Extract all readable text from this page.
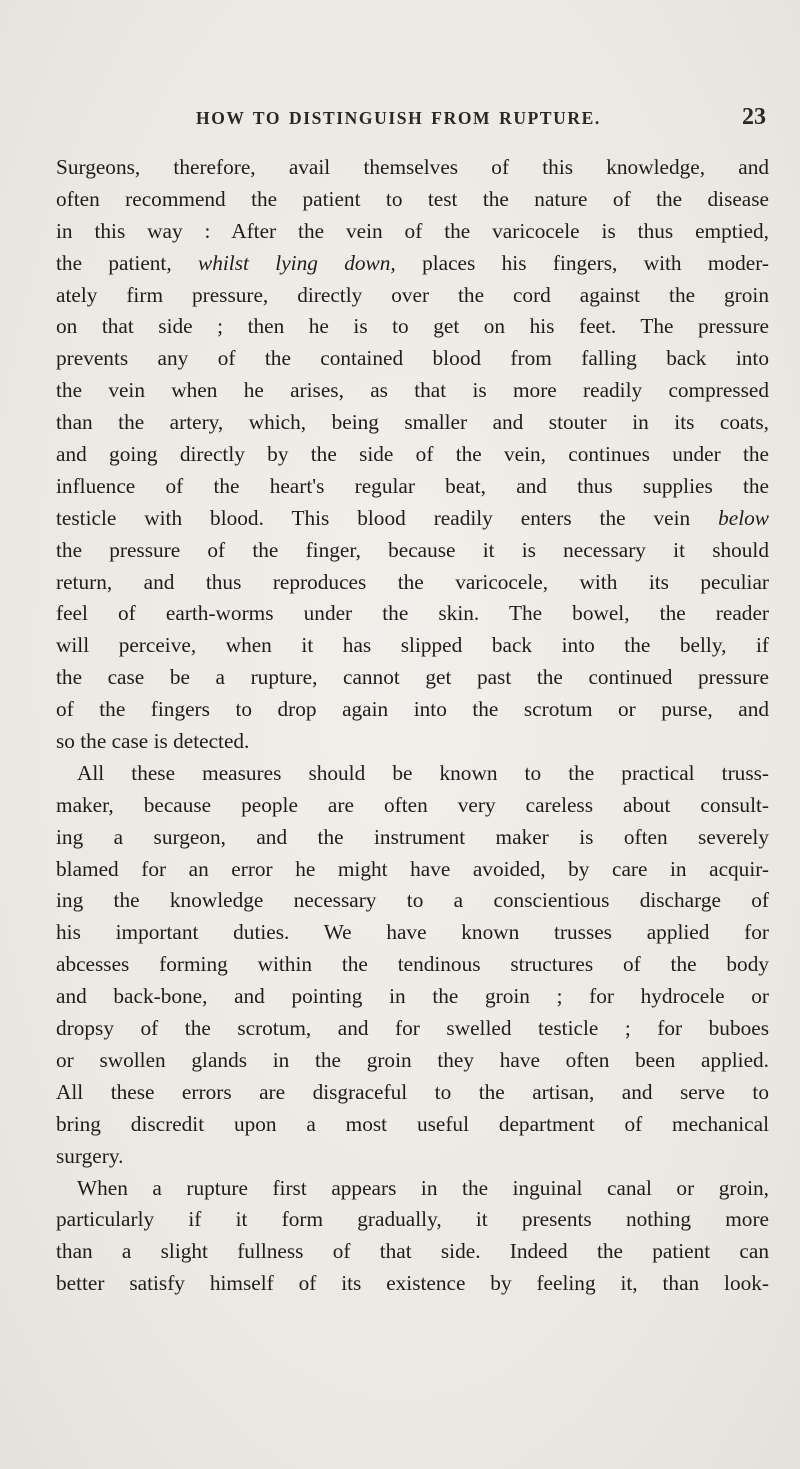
HOW TO DISTINGUISH FROM RUPTURE.	23
Surgeons, therefore, avail themselves of this knowledge, and
often recommend the patient to test the nature of the disease
in this way : After the vein of the varicocele is thus emptied,
the patient, whilst lying down, places his fingers, with moder-
ately firm pressure, directly over the cord against the groin
on that side ; then he is to get on his feet. The pressure
prevents any of the contained blood from falling back into
the vein when he arises, as that is more readily compressed
than the artery, which, being smaller and stouter in its coats,
and going directly by the side of the vein, continues under the
influence of the heart's regular beat, and thus supplies the
testicle with blood. This blood readily enters the vein below
the pressure of the finger, because it is necessary it should
return, and thus reproduces the varicocele, with its peculiar
feel of earth-worms under the skin. The bowel, the reader
will perceive, when it has slipped back into the belly, if
the case be a rupture, cannot get past the continued pressure
of the fingers to drop again into the scrotum or purse, and
so the case is detected.
All these measures should be known to the practical truss-
maker, because people are often very careless about consult-
ing a surgeon, and the instrument maker is often severely
blamed for an error he might have avoided, by care in acquir-
ing the knowledge necessary to a conscientious discharge of
his important duties. We have known trusses applied for
abcesses forming within the tendinous structures of the body
and back-bone, and pointing in the groin ; for hydrocele or
dropsy of the scrotum, and for swelled testicle ; for buboes
or swollen glands in the groin they have often been applied.
All these errors are disgraceful to the artisan, and serve to
bring discredit upon a most useful department of mechanical
surgery.
When a rupture first appears in the inguinal canal or groin,
particularly if it form gradually, it presents nothing more
than a slight fullness of that side. Indeed the patient can
better satisfy himself of its existence by feeling it, than look-
